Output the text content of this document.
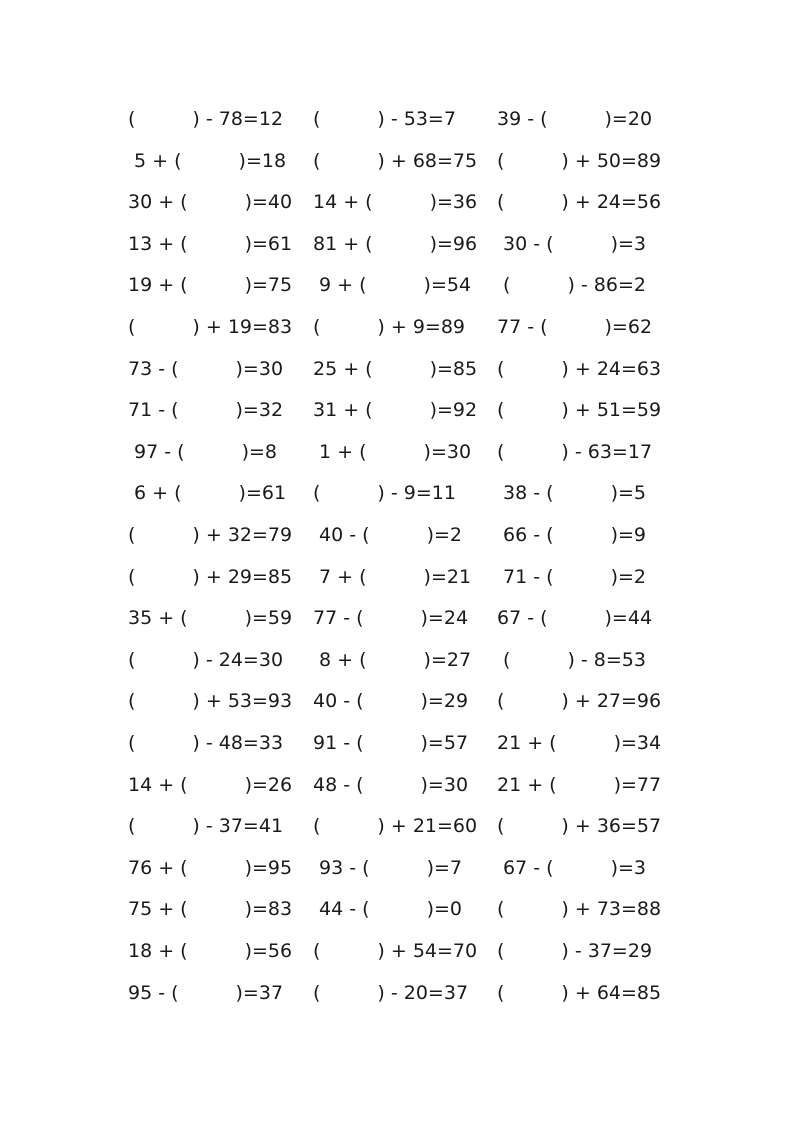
(　　　) - 78=12 (　　　) - 53=7	39 - (　　　)=20
5 + (　　　)=18 (　　　) + 68=75 (　　　) + 50=89
30 + (　　　)=40 14 + (　　　)=36 (　　　) + 24=56
13 + (　　　)=61 81 + (　　　)=96 30 - (　　　)=3
19 + (　　　)=75 9 + (　　　)=54 (　　　) - 86=2
(　　　) + 19=83 (　　　) + 9=89 77 - (　　　)=62
73 - (　　　)=30 25 + (　　　)=85 (　　　) + 24=63
71 - (　　　)=32 31 + (　　　)=92 (　　　) + 51=59
97 - (　　　)=8 1 + (　　　)=30 (　　　) - 63=17
6 + (　　　)=61 (　　　) - 9=11	38 - (　　　)=5
(　　　) + 32=79 40 - (　　　)=2 66 - (　　　)=9
(　　　) + 29=85 7 + (　　　)=21 71 - (　　　)=2
35 + (　　　)=59 77 - (　　　)=24 67 - (　　　)=44
(　　　) - 24=30 8 + (　　　)=27 (　　　) - 8=53
(　　　) + 53=93 40 - (　　　)=29 (　　　) + 27=96
(　　　) - 48=33 91 - (　　　)=57 21 + (　　　)=34
14 + (　　　)=26 48 - (　　　)=30 21 + (　　　)=77
(　　　) - 37=41 (　　　) + 21=60 (　　　) + 36=57
76 + (　　　)=95 93 - (　　　)=7 67 - (　　　)=3
75 + (　　　)=83 44 - (　　　)=0 (　　　) + 73=88
18 + (　　　)=56 (　　　) + 54=70 (　　　) - 37=29
95 - (　　　)=37 (　　　) - 20=37 (　　　) + 64=85
